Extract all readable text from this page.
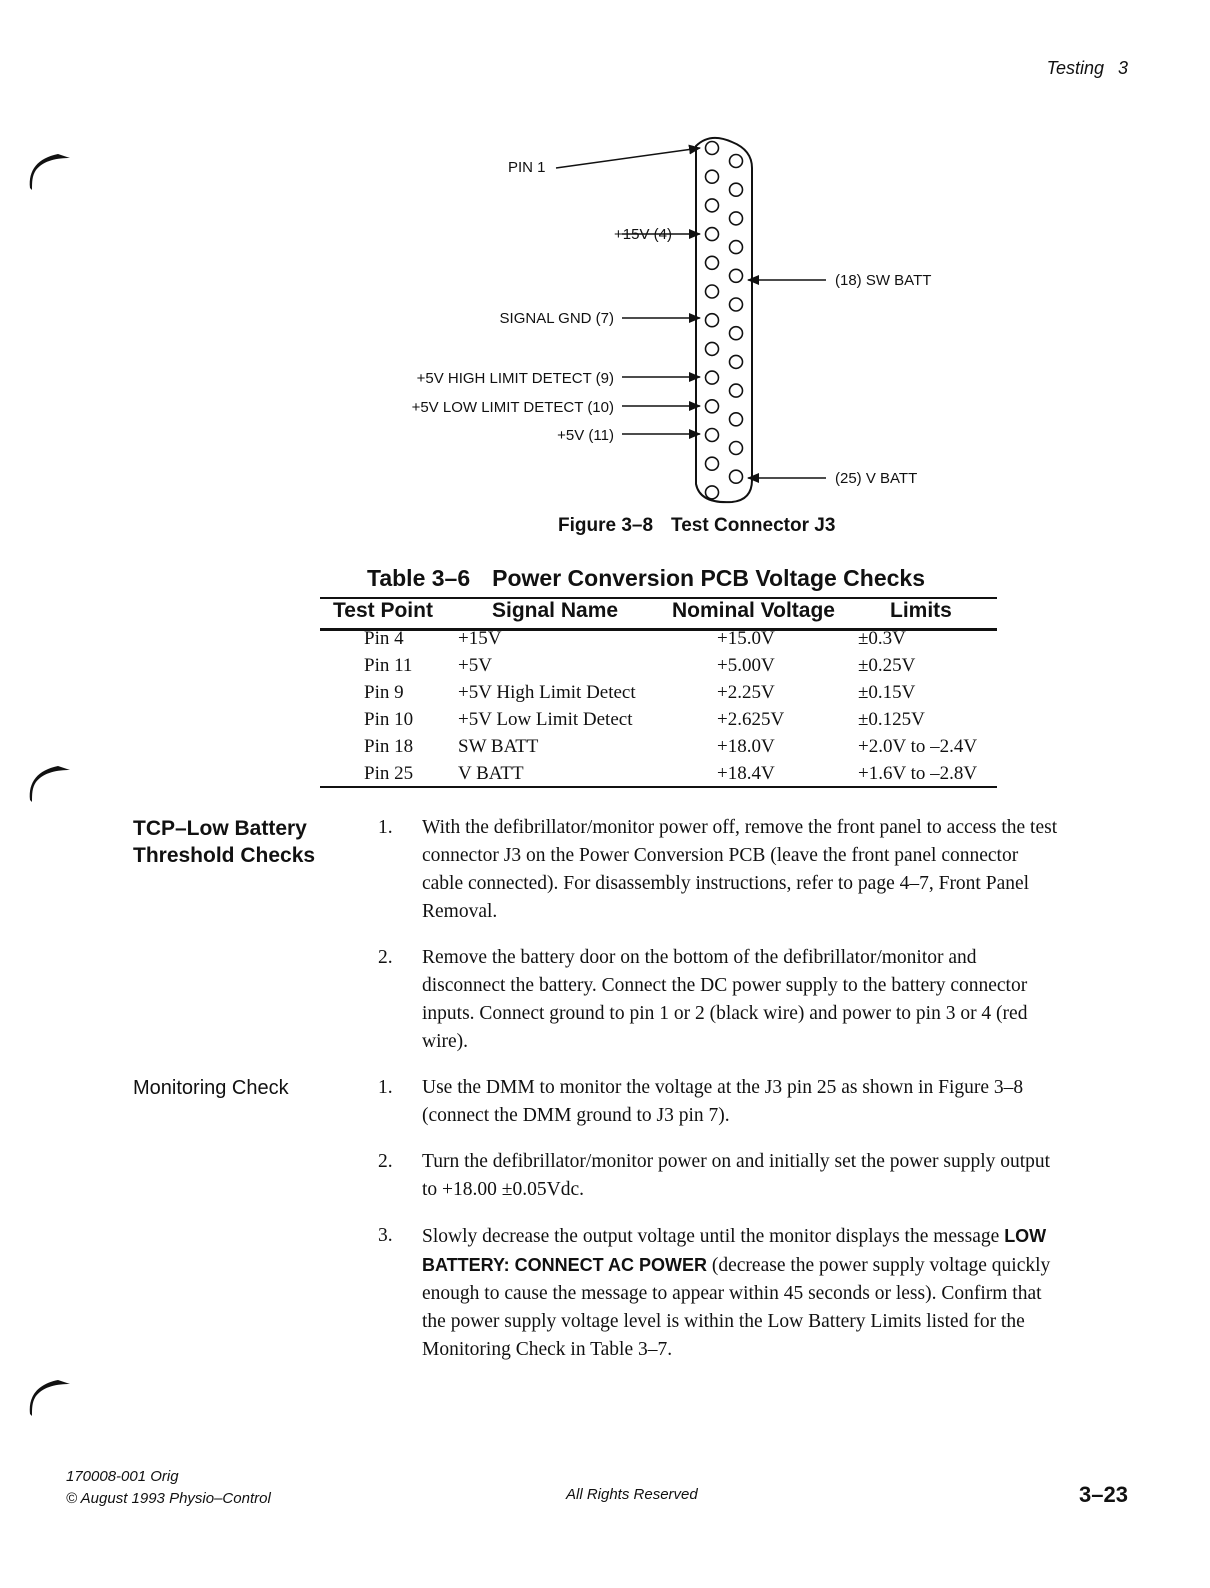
Testing 3
PIN 1
+15V (4)
SIGNAL GND (7)
+5V HIGH LIMIT DETECT (9)
+5V LOW LIMIT DETECT (10)
+5V (11)
(18) SW BATT
(25) V BATT
Figure 3–8 Test Connector J3
Table 3–6 Power Conversion PCB Voltage Checks
Test Point	Signal Name	Nominal Voltage	Limits
Pin 4	+15V	+15.0V	±0.3V
Pin 11 +5V	+5.00V	±0.25V
Pin 9	+5V High Limit Detect	+2.25V	±0.15V
Pin 10 +5V Low Limit Detect	+2.625V	±0.125V
Pin 18 SW BATT	+18.0V	+2.0V to –2.4V
Pin 25 V BATT	+18.4V	+1.6V to –2.8V
TCP–Low Battery
Threshold Checks
1. With the defibrillator/monitor power off, remove the front panel to access the test connector J3 on the Power Conversion PCB (leave the front panel connector cable connected). For disassembly instructions, refer to page 4–7, Front Panel Removal.
2. Remove the battery door on the bottom of the defibrillator/monitor and disconnect the battery. Connect the DC power supply to the battery connector inputs. Connect ground to pin 1 or 2 (black wire) and power to pin 3 or 4 (red wire).
Monitoring Check	1. Use the DMM to monitor the voltage at the J3 pin 25 as shown in Figure 3–8 (connect the DMM ground to J3 pin 7).
2. Turn the defibrillator/monitor power on and initially set the power supply output to +18.00 ±0.05Vdc.
3. Slowly decrease the output voltage until the monitor displays the message LOW BATTERY: CONNECT AC POWER (decrease the power supply voltage quickly enough to cause the message to appear within 45 seconds or less). Confirm that the power supply voltage level is within the Low Battery Limits listed for the Monitoring Check in Table 3–7.
170008-001 Orig
© August 1993 Physio–Control	All Rights Reserved	3–23
